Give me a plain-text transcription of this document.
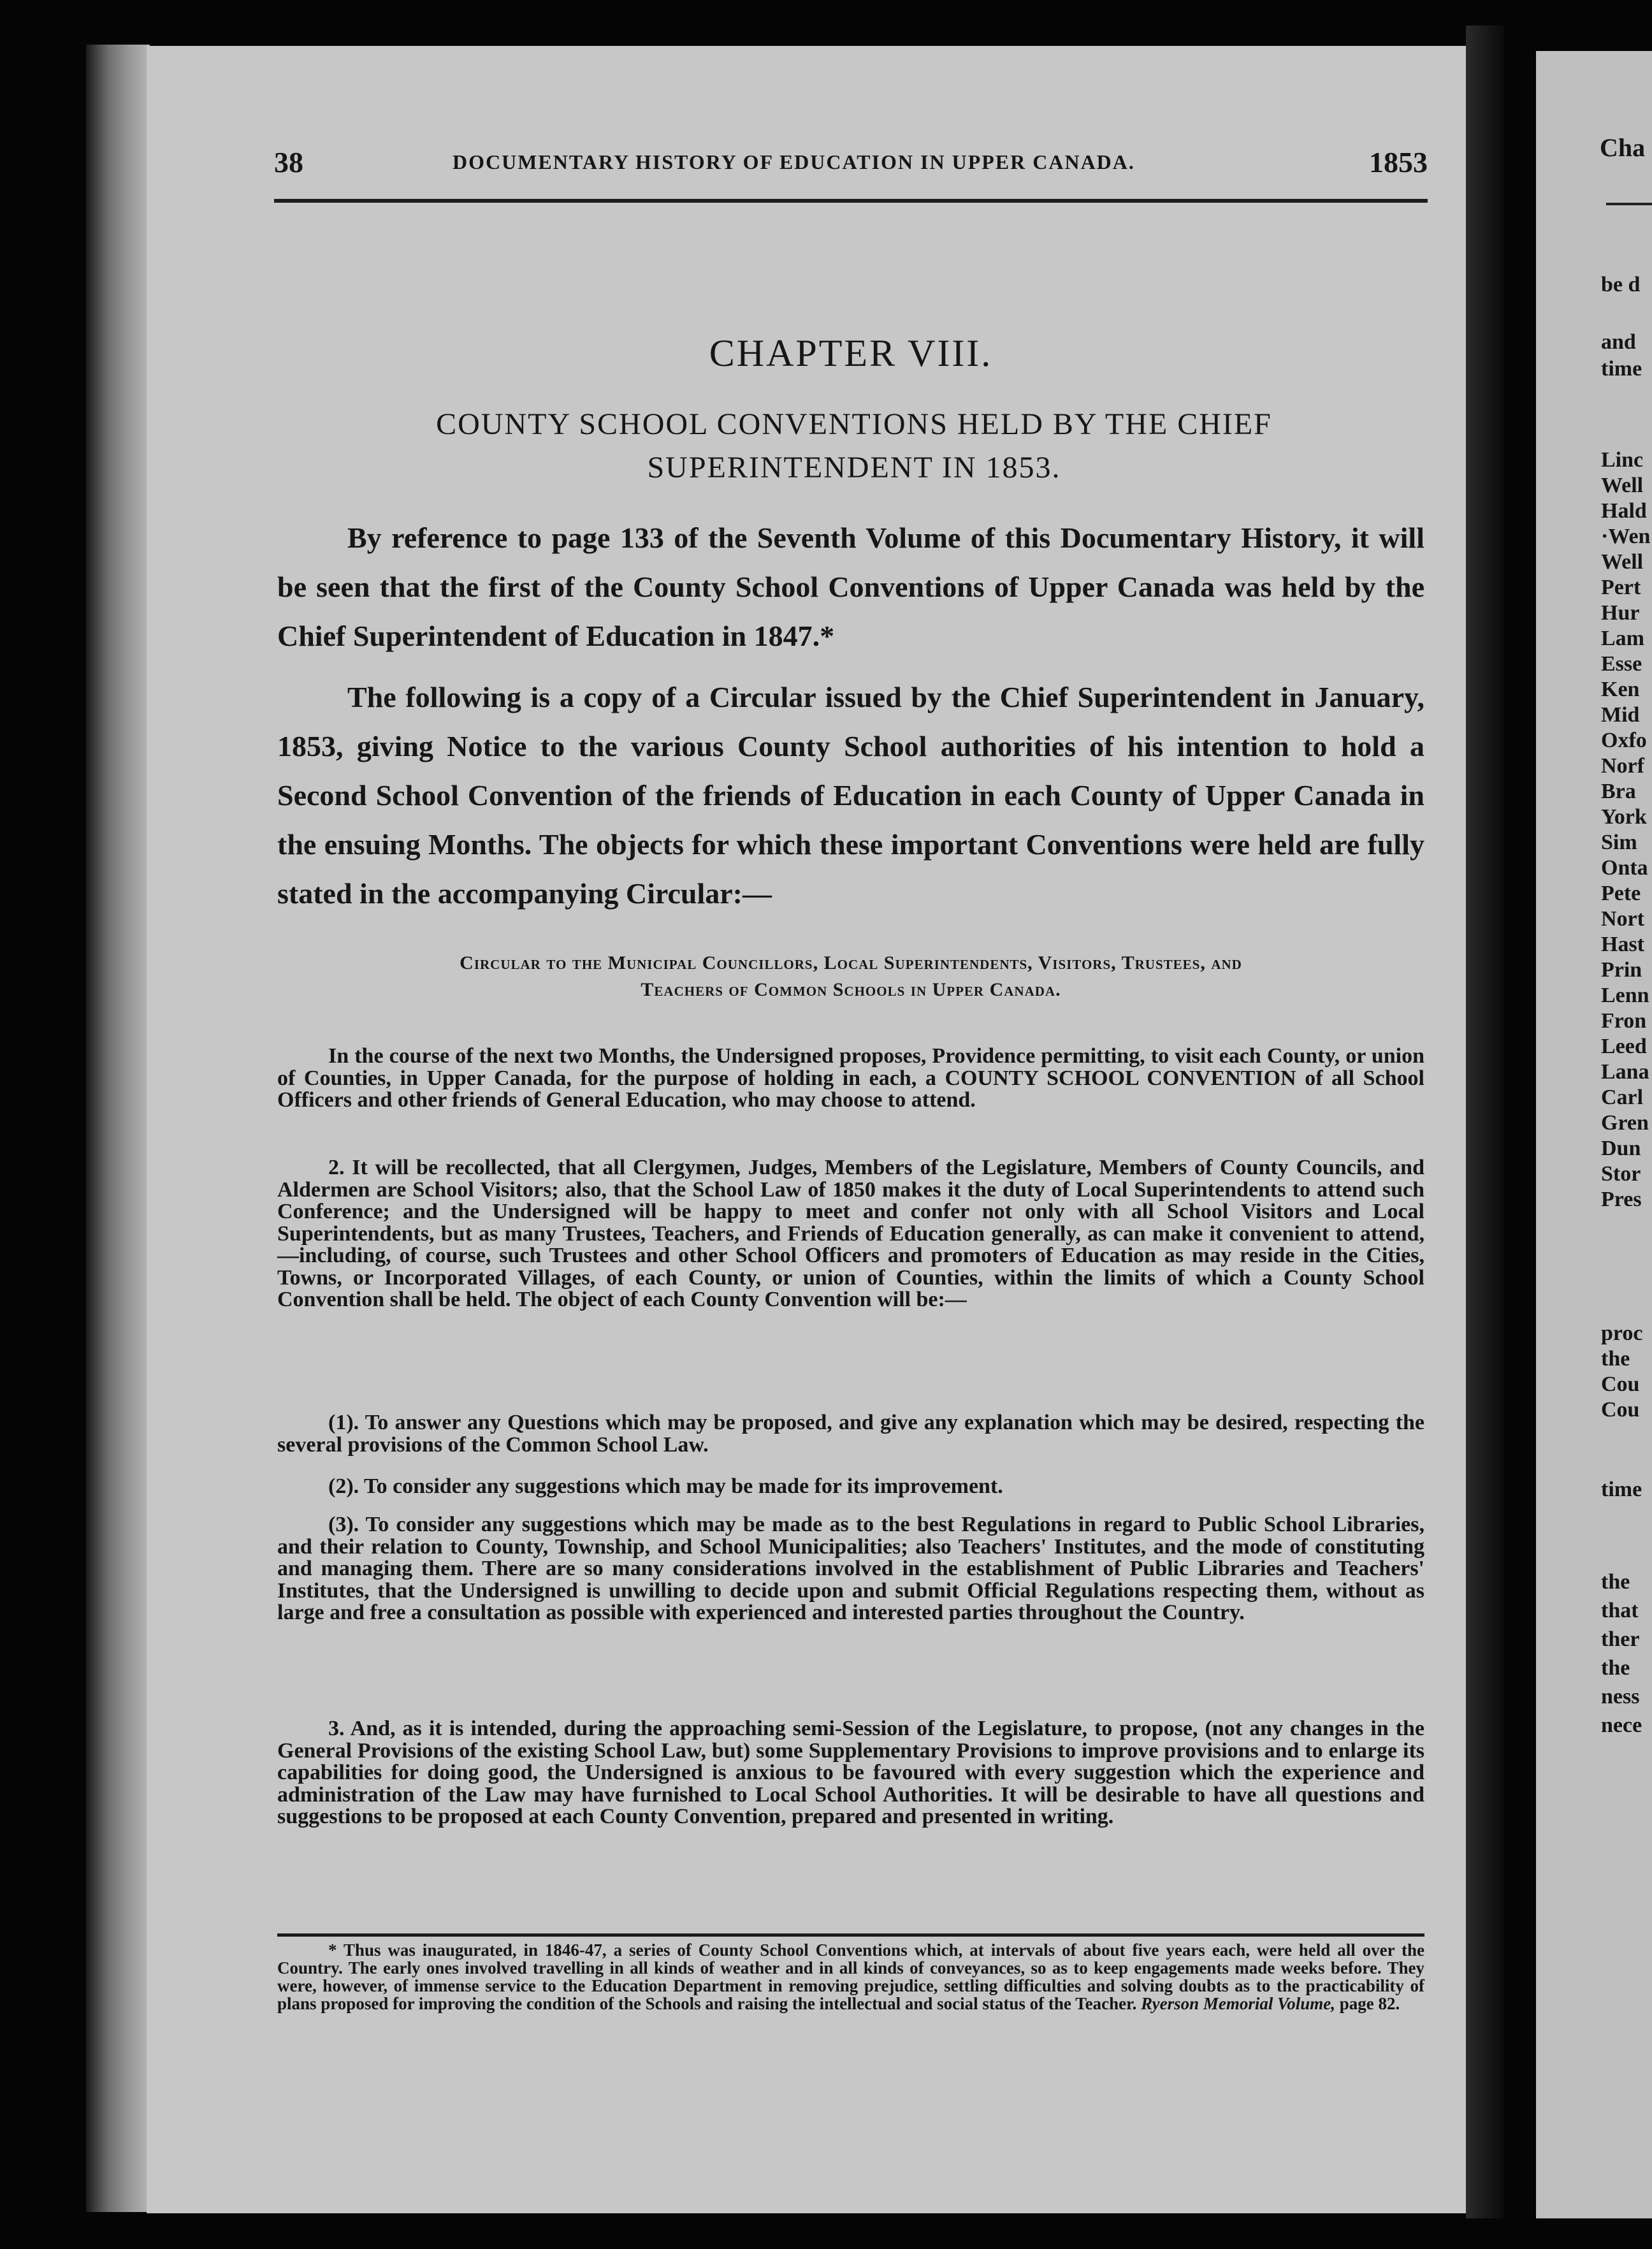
Cha
be d
and
time
Linc
Well
Hald
·Wen
Well
Pert
Hur
Lam
Esse
Ken
Mid
Oxfo
Norf
Bra
York
Sim
Onta
Pete
Nort
Hast
Prin
Lenn
Fron
Leed
Lana
Carl
Gren
Dun
Stor
Pres
proc
the
Cou
Cou
time
the
that
ther
the
ness
nece
38	DOCUMENTARY HISTORY OF EDUCATION IN UPPER CANADA.	1853
CHAPTER VIII.
COUNTY SCHOOL CONVENTIONS HELD BY THE CHIEF
SUPERINTENDENT IN 1853.

By reference to page 133 of the Seventh Volume of this Documentary History, it will be seen that the first of the County School Conventions of Upper Canada was held by the Chief Superintendent of Education in 1847.*

The following is a copy of a Circular issued by the Chief Superintendent in January, 1853, giving Notice to the various County School authorities of his intention to hold a Second School Convention of the friends of Education in each County of Upper Canada in the ensuing Months. The objects for which these important Conventions were held are fully stated in the accompanying Circular:—

Circular to the Municipal Councillors, Local Superintendents, Visitors, Trustees, and
Teachers of Common Schools in Upper Canada.

In the course of the next two Months, the Undersigned proposes, Providence permitting, to visit each County, or union of Counties, in Upper Canada, for the purpose of holding in each, a COUNTY SCHOOL CONVENTION of all School Officers and other friends of General Education, who may choose to attend.

2. It will be recollected, that all Clergymen, Judges, Members of the Legislature, Members of County Councils, and Aldermen are School Visitors; also, that the School Law of 1850 makes it the duty of Local Superintendents to attend such Conference; and the Undersigned will be happy to meet and confer not only with all School Visitors and Local Superintendents, but as many Trustees, Teachers, and Friends of Education generally, as can make it convenient to attend,—including, of course, such Trustees and other School Officers and promoters of Education as may reside in the Cities, Towns, or Incorporated Villages, of each County, or union of Counties, within the limits of which a County School Convention shall be held. The object of each County Convention will be:—

(1). To answer any Questions which may be proposed, and give any explanation which may be desired, respecting the several provisions of the Common School Law.

(2). To consider any suggestions which may be made for its improvement.

(3). To consider any suggestions which may be made as to the best Regulations in regard to Public School Libraries, and their relation to County, Township, and School Municipalities; also Teachers' Institutes, and the mode of constituting and managing them. There are so many considerations involved in the establishment of Public Libraries and Teachers' Institutes, that the Undersigned is unwilling to decide upon and submit Official Regulations respecting them, without as large and free a consultation as possible with experienced and interested parties throughout the Country.

3. And, as it is intended, during the approaching semi-Session of the Legislature, to propose, (not any changes in the General Provisions of the existing School Law, but) some Supplementary Provisions to improve provisions and to enlarge its capabilities for doing good, the Undersigned is anxious to be favoured with every suggestion which the experience and administration of the Law may have furnished to Local School Authorities. It will be desirable to have all questions and suggestions to be proposed at each County Convention, prepared and presented in writing.

* Thus was inaugurated, in 1846-47, a series of County School Conventions which, at intervals of about five years each, were held all over the Country. The early ones involved travelling in all kinds of weather and in all kinds of conveyances, so as to keep engagements made weeks before. They were, however, of immense service to the Education Department in removing prejudice, settling difficulties and solving doubts as to the practicability of plans proposed for improving the condition of the Schools and raising the intellectual and social status of the Teacher. Ryerson Memorial Volume, page 82.
